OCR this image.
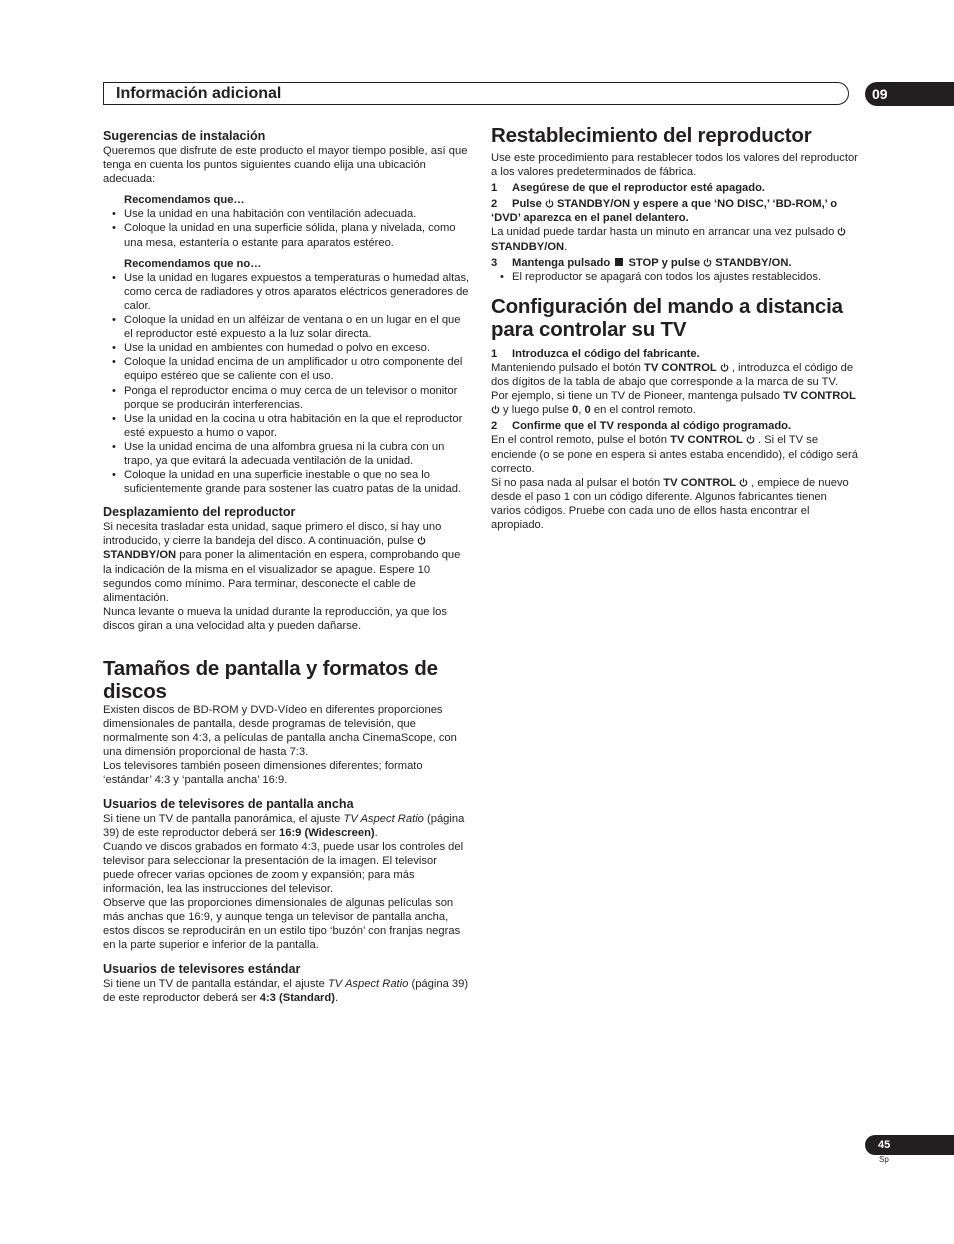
Información adicional	09

Sugerencias de instalación

Queremos que disfrute de este producto el mayor tiempo posible, así que tenga en cuenta los puntos siguientes cuando elija una ubicación adecuada:

Recomendamos que…

• Use la unidad en una habitación con ventilación adecuada.
• Coloque la unidad en una superficie sólida, plana y nivelada, como una mesa, estantería o estante para aparatos estéreo.

Recomendamos que no…

• Use la unidad en lugares expuestos a temperaturas o humedad altas, como cerca de radiadores y otros aparatos eléctricos generadores de calor.
• Coloque la unidad en un alféizar de ventana o en un lugar en el que el reproductor esté expuesto a la luz solar directa.
• Use la unidad en ambientes con humedad o polvo en exceso.
• Coloque la unidad encima de un amplificador u otro componente del equipo estéreo que se caliente con el uso.
• Ponga el reproductor encima o muy cerca de un televisor o monitor porque se producirán interferencias.
• Use la unidad en la cocina u otra habitación en la que el reproductor esté expuesto a humo o vapor.
• Use la unidad encima de una alfombra gruesa ni la cubra con un trapo, ya que evitará la adecuada ventilación de la unidad.
• Coloque la unidad en una superficie inestable o que no sea lo suficientemente grande para sostener las cuatro patas de la unidad.

Desplazamiento del reproductor

Si necesita trasladar esta unidad, saque primero el disco, si hay uno introducido, y cierre la bandeja del disco. A continuación, pulse STANDBY/ON para poner la alimentación en espera, comprobando que la indicación de la misma en el visualizador se apague. Espere 10 segundos como mínimo. Para terminar, desconecte el cable de alimentación.

Nunca levante o mueva la unidad durante la reproducción, ya que los discos giran a una velocidad alta y pueden dañarse.

Tamaños de pantalla y formatos de discos

Existen discos de BD-ROM y DVD-Vídeo en diferentes proporciones dimensionales de pantalla, desde programas de televisión, que normalmente son 4:3, a películas de pantalla ancha CinemaScope, con una dimensión proporcional de hasta 7:3.

Los televisores también poseen dimensiones diferentes; formato ‘estándar’ 4:3 y ‘pantalla ancha’ 16:9.

Usuarios de televisores de pantalla ancha

Si tiene un TV de pantalla panorámica, el ajuste TV Aspect Ratio (página 39) de este reproductor deberá ser 16:9 (Widescreen).

Cuando ve discos grabados en formato 4:3, puede usar los controles del televisor para seleccionar la presentación de la imagen. El televisor puede ofrecer varias opciones de zoom y expansión; para más información, lea las instrucciones del televisor.

Observe que las proporciones dimensionales de algunas películas son más anchas que 16:9, y aunque tenga un televisor de pantalla ancha, estos discos se reproducirán en un estilo tipo ‘buzón’ con franjas negras en la parte superior e inferior de la pantalla.

Usuarios de televisores estándar

Si tiene un TV de pantalla estándar, el ajuste TV Aspect Ratio (página 39) de este reproductor deberá ser 4:3 (Standard).

Restablecimiento del reproductor

Use este procedimiento para restablecer todos los valores del reproductor a los valores predeterminados de fábrica.

1 Asegúrese de que el reproductor esté apagado.

2 Pulse STANDBY/ON y espere a que ‘NO DISC,’ ‘BD-ROM,’ o ‘DVD’ aparezca en el panel delantero.

La unidad puede tardar hasta un minuto en arrancar una vez pulsado STANDBY/ON.

3 Mantenga pulsado STOP y pulse STANDBY/ON.

• El reproductor se apagará con todos los ajustes restablecidos.

Configuración del mando a distancia para controlar su TV

1 Introduzca el código del fabricante.

Manteniendo pulsado el botón TV CONTROL , introduzca el código de dos dígitos de la tabla de abajo que corresponde a la marca de su TV.

Por ejemplo, si tiene un TV de Pioneer, mantenga pulsado TV CONTROL y luego pulse 0, 0 en el control remoto.

2 Confirme que el TV responda al código programado.

En el control remoto, pulse el botón TV CONTROL . Si el TV se enciende (o se pone en espera si antes estaba encendido), el código será correcto.

Si no pasa nada al pulsar el botón TV CONTROL , empiece de nuevo desde el paso 1 con un código diferente. Algunos fabricantes tienen varios códigos. Pruebe con cada uno de ellos hasta encontrar el apropiado.

45
Sp
